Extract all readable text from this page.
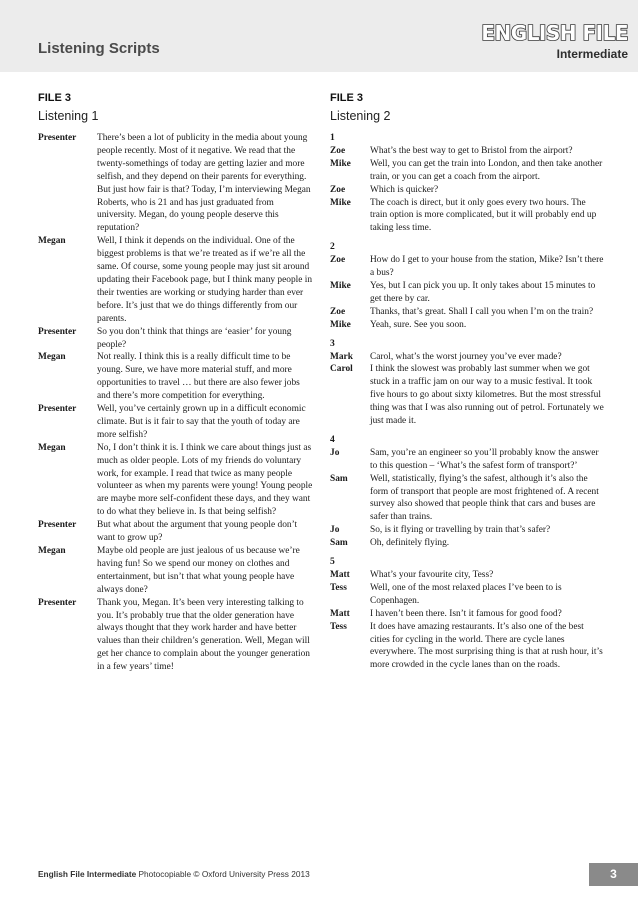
Listening Scripts
ENGLISH FILE
Intermediate
FILE 3
Listening 1
Presenter	There’s been a lot of publicity in the media about young people recently. Most of it negative. We read that the twenty-somethings of today are getting lazier and more selfish, and they depend on their parents for everything. But just how fair is that? Today, I’m interviewing Megan Roberts, who is 21 and has just graduated from university. Megan, do young people deserve this reputation?
Megan	Well, I think it depends on the individual. One of the biggest problems is that we’re treated as if we’re all the same. Of course, some young people may just sit around updating their Facebook page, but I think many people in their twenties are working or studying harder than ever before. It’s just that we do things differently from our parents.
Presenter	So you don’t think that things are ‘easier’ for young people?
Megan	Not really. I think this is a really difficult time to be young. Sure, we have more material stuff, and more opportunities to travel … but there are also fewer jobs and there’s more competition for everything.
Presenter	Well, you’ve certainly grown up in a difficult economic climate. But is it fair to say that the youth of today are more selfish?
Megan	No, I don’t think it is. I think we care about things just as much as older people. Lots of my friends do voluntary work, for example. I read that twice as many people volunteer as when my parents were young! Young people are maybe more self-confident these days, and they want to do what they believe in. Is that being selfish?
Presenter	But what about the argument that young people don’t want to grow up?
Megan	Maybe old people are just jealous of us because we’re having fun! So we spend our money on clothes and entertainment, but isn’t that what young people have always done?
Presenter	Thank you, Megan. It’s been very interesting talking to you. It’s probably true that the older generation have always thought that they work harder and have better values than their children’s generation. Well, Megan will get her chance to complain about the younger generation in a few years’ time!
FILE 3
Listening 2
1
Zoe	What’s the best way to get to Bristol from the airport?
Mike	Well, you can get the train into London, and then take another train, or you can get a coach from the airport.
Zoe	Which is quicker?
Mike	The coach is direct, but it only goes every two hours. The train option is more complicated, but it will probably end up taking less time.
2
Zoe	How do I get to your house from the station, Mike? Isn’t there a bus?
Mike	Yes, but I can pick you up. It only takes about 15 minutes to get there by car.
Zoe	Thanks, that’s great. Shall I call you when I’m on the train?
Mike	Yeah, sure. See you soon.
3
Mark	Carol, what’s the worst journey you’ve ever made?
Carol	I think the slowest was probably last summer when we got stuck in a traffic jam on our way to a music festival. It took five hours to go about sixty kilometres. But the most stressful thing was that I was also running out of petrol. Fortunately we just made it.
4
Jo	Sam, you’re an engineer so you’ll probably know the answer to this question – ‘What’s the safest form of transport?’
Sam	Well, statistically, flying’s the safest, although it’s also the form of transport that people are most frightened of. A recent survey also showed that people think that cars and buses are safer than trains.
Jo	So, is it flying or travelling by train that’s safer?
Sam	Oh, definitely flying.
5
Matt	What’s your favourite city, Tess?
Tess	Well, one of the most relaxed places I’ve been to is Copenhagen.
Matt	I haven’t been there. Isn’t it famous for good food?
Tess	It does have amazing restaurants. It’s also one of the best cities for cycling in the world. There are cycle lanes everywhere. The most surprising thing is that at rush hour, it’s more crowded in the cycle lanes than on the roads.
English File Intermediate Photocopiable © Oxford University Press 2013	3
